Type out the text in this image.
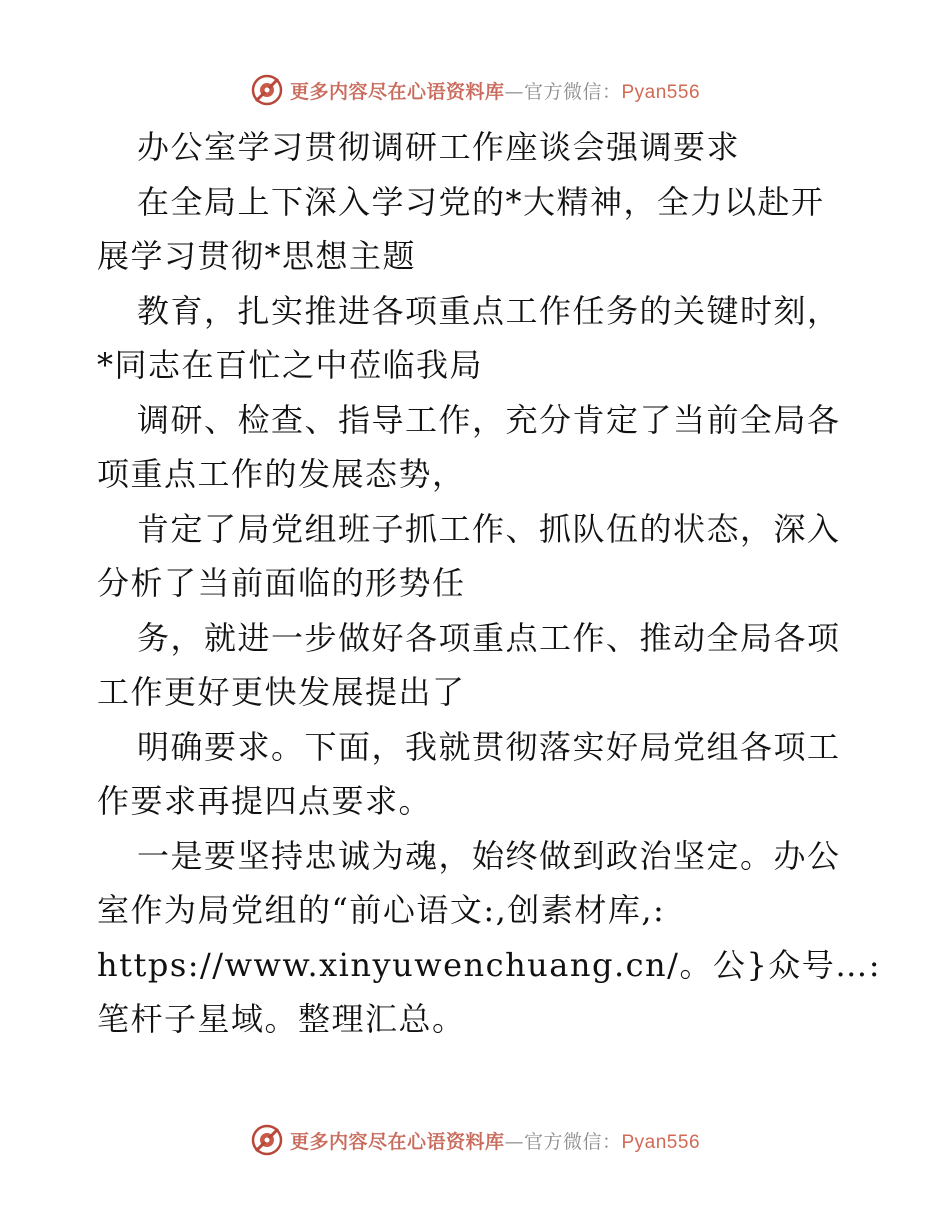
更多内容尽在心语资料库—官方微信：Pyan556
办公室学习贯彻调研工作座谈会强调要求
在全局上下深入学习党的*大精神，全力以赴开
展学习贯彻*思想主题
教育，扎实推进各项重点工作任务的关键时刻，
*同志在百忙之中莅临我局
调研、检查、指导工作，充分肯定了当前全局各
项重点工作的发展态势，
肯定了局党组班子抓工作、抓队伍的状态，深入
分析了当前面临的形势任
务，就进一步做好各项重点工作、推动全局各项
工作更好更快发展提出了
明确要求。下面，我就贯彻落实好局党组各项工
作要求再提四点要求。
一是要坚持忠诚为魂，始终做到政治坚定。办公
室作为局党组的“前心语文:,创素材库,:
https://www.xinyuwenchuang.cn/。公}众号…:
笔杆子星域。整理汇总。
更多内容尽在心语资料库—官方微信：Pyan556
